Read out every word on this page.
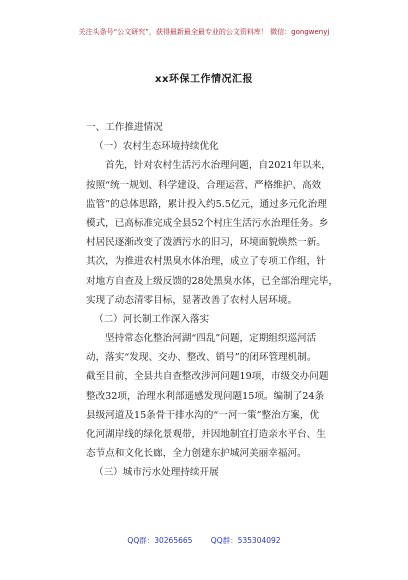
关注头条号“公文研究”，获得最新最全最专业的公文资料库！ 微信：gongwenyj
xx环保工作情况汇报
一、工作推进情况
（一）农村生态环境持续优化
首先，针对农村生活污水治理问题，自2021年以来，
按照“统一规划、科学建设、合理运营、严格维护、高效
监管”的总体思路，累计投入约5.5亿元，通过多元化治理
模式，已高标准完成全县52个村庄生活污水治理任务。乡
村居民逐渐改变了泼洒污水的旧习，环境面貌焕然一新。
其次，为推进农村黑臭水体治理，成立了专项工作组，针
对地方自查及上级反馈的28处黑臭水体，已全部治理完毕，
实现了动态清零目标，显著改善了农村人居环境。
（二）河长制工作深入落实
坚持常态化整治河湖“四乱”问题，定期组织巡河活
动，落实“发现、交办、整改、销号”的闭环管理机制。
截至目前，全县共自查整改涉河问题19项，市级交办问题
整改32项，治理水利部遥感发现问题15项。编制了24条
县级河道及15条骨干排水沟的“一河一策”整治方案，优
化河湖岸线的绿化景观带，并因地制宜打造亲水平台、生
态节点和文化长廊，全力创建东护城河美丽幸福河。
（三）城市污水处理持续开展
QQ群：30265665 QQ群：535304092
